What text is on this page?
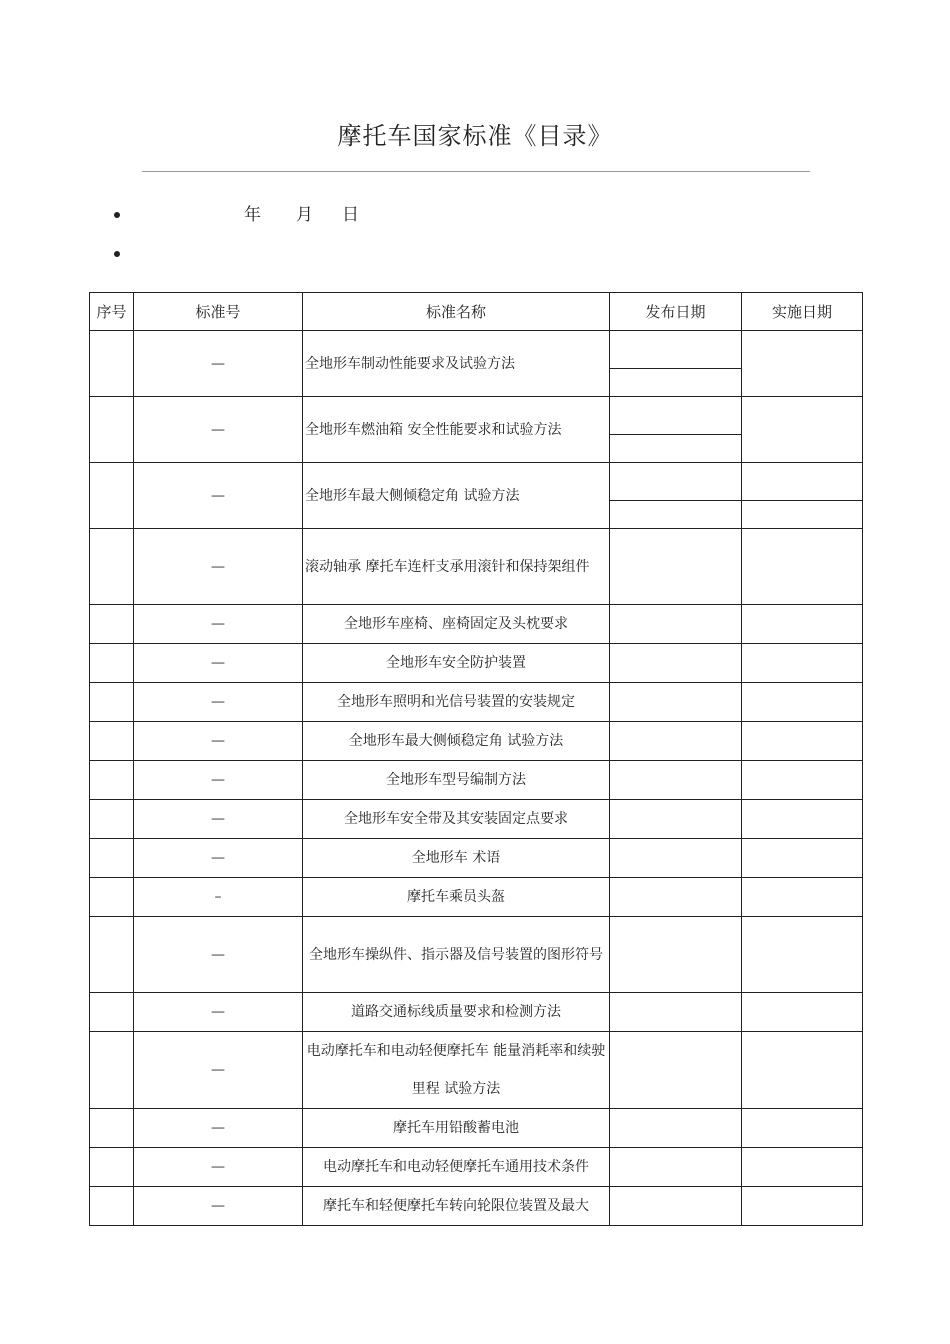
摩托车国家标准《目录》
年 月 日
序号	标准号	标准名称	发布日期	实施日期
	—	全地形车制动性能要求及试验方法	

	—	全地形车燃油箱 安全性能要求和试验方法	

	—	全地形车最大侧倾稳定角 试验方法	

	—	滚动轴承 摩托车连杆支承用滚针和保持架组件		
	—	全地形车座椅、座椅固定及头枕要求		
	—	全地形车安全防护装置		
	—	全地形车照明和光信号装置的安装规定		
	—	全地形车最大侧倾稳定角 试验方法		
	—	全地形车型号编制方法		
	—	全地形车安全带及其安装固定点要求		
	—	全地形车 术语		
	–	摩托车乘员头盔		
	—	全地形车操纵件、指示器及信号装置的图形符号		
	—	道路交通标线质量要求和检测方法		
	—	电动摩托车和电动轻便摩托车 能量消耗率和续驶里程 试验方法		
	—	摩托车用铅酸蓄电池		
	—	电动摩托车和电动轻便摩托车通用技术条件		
	—	摩托车和轻便摩托车转向轮限位装置及最大		
